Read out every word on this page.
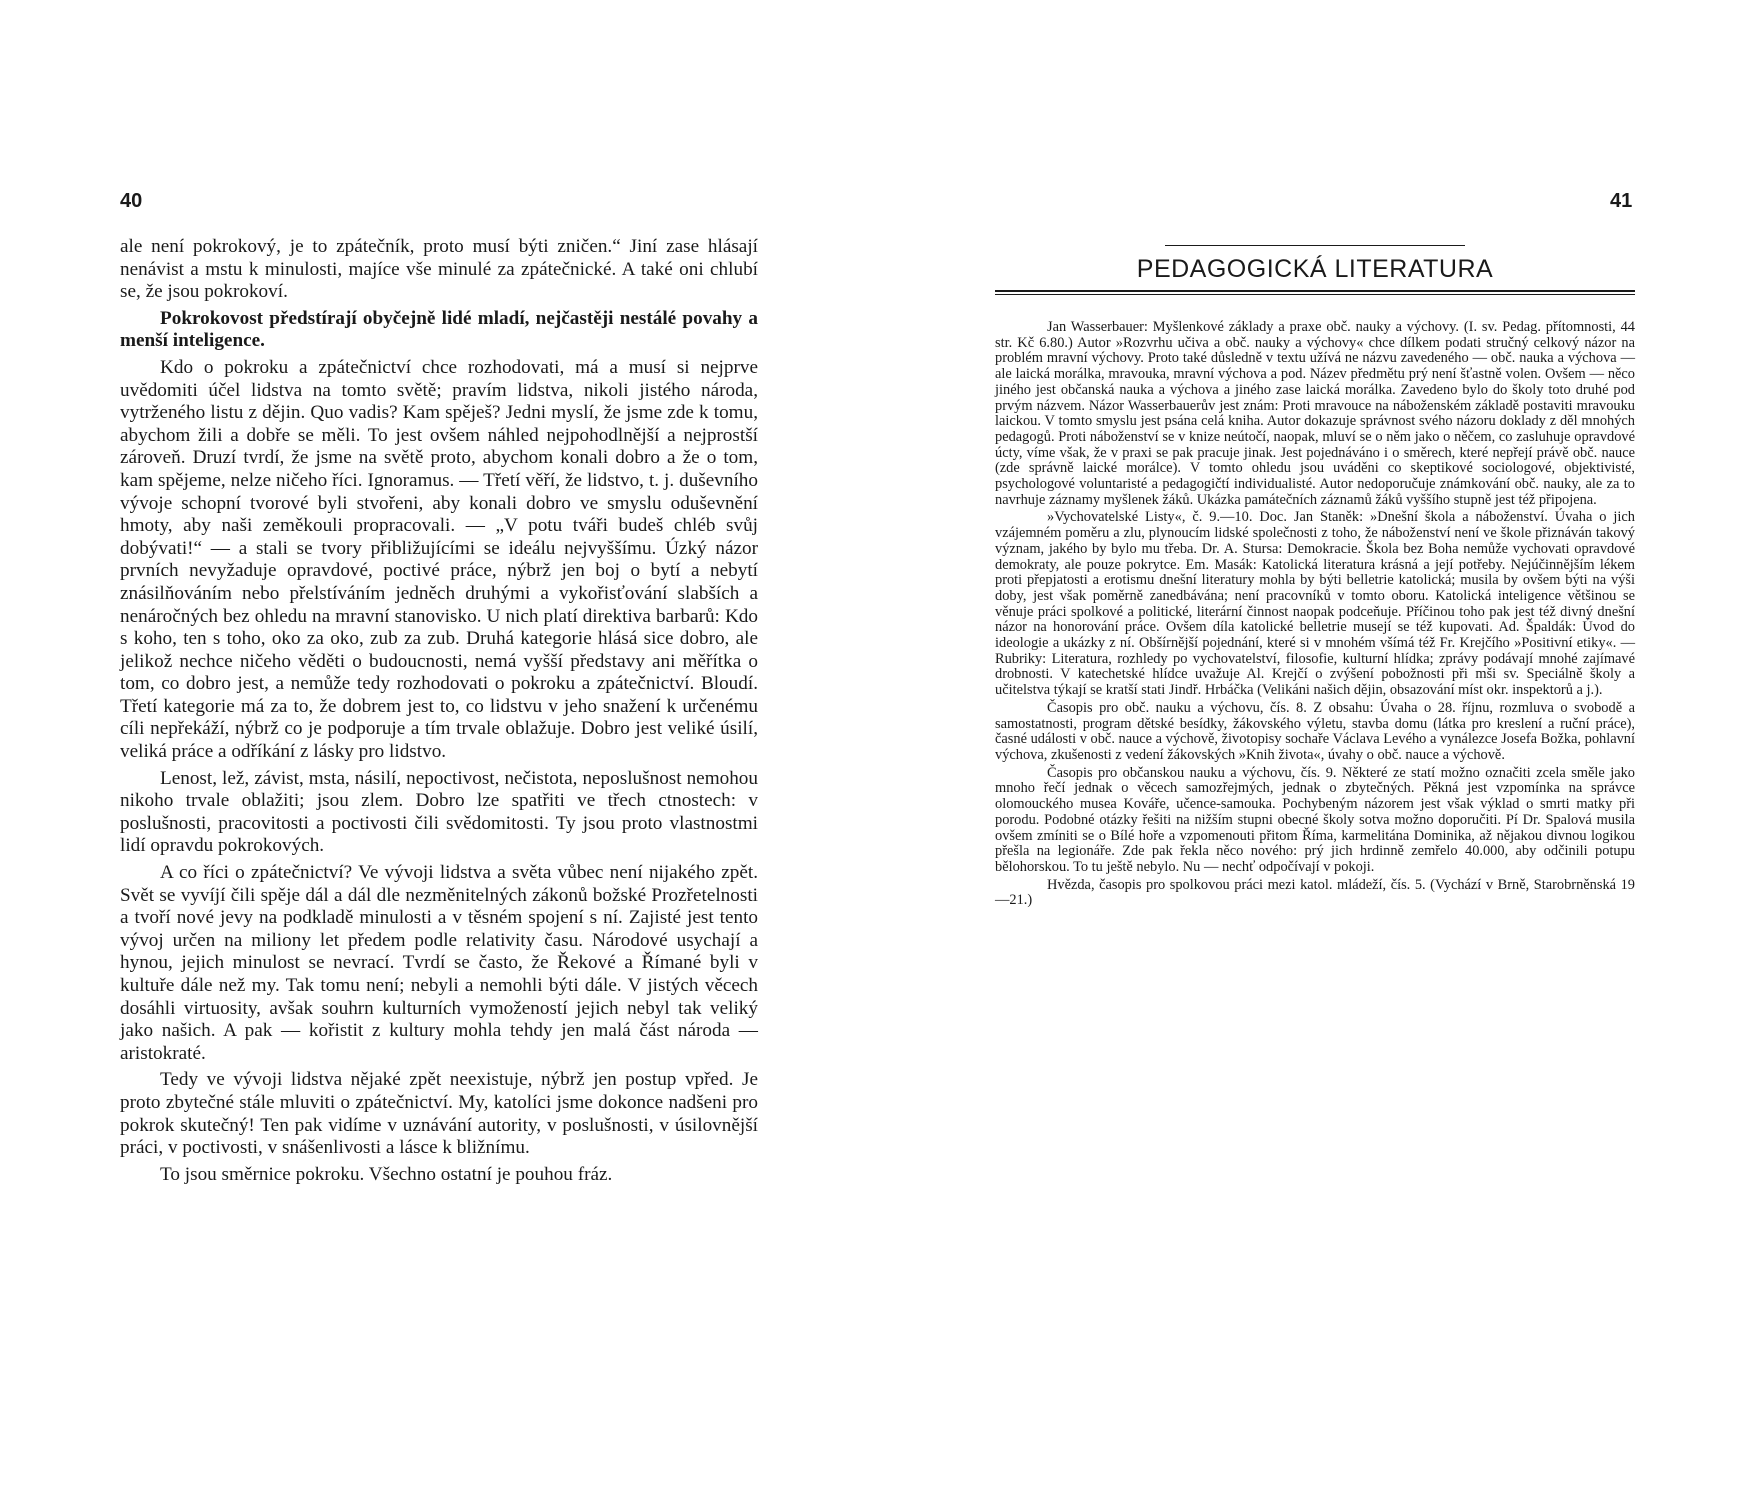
40

ale není pokrokový, je to zpátečník, proto musí býti zničen.“ Jiní zase hlásají nenávist a mstu k minulosti, majíce vše minulé za zpátečnické. A také oni chlubí se, že jsou pokrokoví.

Pokrokovost předstírají obyčejně lidé mladí, nejčastěji nestálé povahy a menší inteligence.

Kdo o pokroku a zpátečnictví chce rozhodovati, má a musí si nejprve uvědomiti účel lidstva na tomto světě; pravím lidstva, nikoli jistého národa, vytrženého listu z dějin. Quo vadis? Kam spěješ? Jedni myslí, že jsme zde k tomu, abychom žili a dobře se měli. To jest ovšem náhled nejpohodlnější a nejprostší zároveň. Druzí tvrdí, že jsme na světě proto, abychom konali dobro a že o tom, kam spějeme, nelze ničeho říci. Ignoramus. — Třetí věří, že lidstvo, t. j. duševního vývoje schopní tvorové byli stvořeni, aby konali dobro ve smyslu oduševnění hmoty, aby naši zeměkouli propracovali. — „V potu tváři budeš chléb svůj dobývati!“ — a stali se tvory přibližujícími se ideálu nejvyššímu. Úzký názor prvních nevyžaduje opravdové, poctivé práce, nýbrž jen boj o bytí a nebytí znásilňováním nebo přelstíváním jedněch druhými a vykořisťování slabších a nenáročných bez ohledu na mravní stanovisko. U nich platí direktiva barbarů: Kdo s koho, ten s toho, oko za oko, zub za zub. Druhá kategorie hlásá sice dobro, ale jelikož nechce ničeho věděti o budoucnosti, nemá vyšší představy ani měřítka o tom, co dobro jest, a nemůže tedy rozhodovati o pokroku a zpátečnictví. Bloudí. Třetí kategorie má za to, že dobrem jest to, co lidstvu v jeho snažení k určenému cíli nepřekáží, nýbrž co je podporuje a tím trvale oblažuje. Dobro jest veliké úsilí, veliká práce a odříkání z lásky pro lidstvo.

Lenost, lež, závist, msta, násilí, nepoctivost, nečistota, neposlušnost nemohou nikoho trvale oblažiti; jsou zlem. Dobro lze spatřiti ve třech ctnostech: v poslušnosti, pracovitosti a poctivosti čili svědomitosti. Ty jsou proto vlastnostmi lidí opravdu pokrokových.

A co říci o zpátečnictví? Ve vývoji lidstva a světa vůbec není nijakého zpět. Svět se vyvíjí čili spěje dál a dál dle nezměnitelných zákonů božské Prozřetelnosti a tvoří nové jevy na podkladě minulosti a v těsném spojení s ní. Zajisté jest tento vývoj určen na miliony let předem podle relativity času. Národové usychají a hynou, jejich minulost se nevrací. Tvrdí se často, že Řekové a Římané byli v kultuře dále než my. Tak tomu není; nebyli a nemohli býti dále. V jistých věcech dosáhli virtuosity, avšak souhrn kulturních vymožeností jejich nebyl tak veliký jako našich. A pak — kořistit z kultury mohla tehdy jen malá část národa — aristokraté.

Tedy ve vývoji lidstva nějaké zpět neexistuje, nýbrž jen postup vpřed. Je proto zbytečné stále mluviti o zpátečnictví. My, katolíci jsme dokonce nadšeni pro pokrok skutečný! Ten pak vidíme v uznávání autority, v poslušnosti, v úsilovnější práci, v poctivosti, v snášenlivosti a lásce k bližnímu.

To jsou směrnice pokroku. Všechno ostatní je pouhou fráz.

41
PEDAGOGICKÁ LITERATURA

Jan Wasserbauer: Myšlenkové základy a praxe obč. nauky a výchovy. (I. sv. Pedag. přítomnosti, 44 str. Kč 6.80.) Autor »Rozvrhu učiva a obč. nauky a výchovy« chce dílkem podati stručný celkový názor na problém mravní výchovy. Proto také důsledně v textu užívá ne názvu zavedeného — obč. nauka a výchova — ale laická morálka, mravouka, mravní výchova a pod. Název předmětu prý není šťastně volen. Ovšem — něco jiného jest občanská nauka a výchova a jiného zase laická morálka. Zavedeno bylo do školy toto druhé pod prvým názvem. Názor Wasserbauerův jest znám: Proti mravouce na náboženském základě postaviti mravouku laickou. V tomto smyslu jest psána celá kniha. Autor dokazuje správnost svého názoru doklady z děl mnohých pedagogů. Proti náboženství se v knize neútočí, naopak, mluví se o něm jako o něčem, co zasluhuje opravdové úcty, víme však, že v praxi se pak pracuje jinak. Jest pojednáváno i o směrech, které nepřejí právě obč. nauce (zde správně laické morálce). V tomto ohledu jsou uváděni co skeptikové sociologové, objektivisté, psychologové voluntaristé a pedagogičtí individualisté. Autor nedoporučuje známkování obč. nauky, ale za to navrhuje záznamy myšlenek žáků. Ukázka památečních záznamů žáků vyššího stupně jest též připojena.

»Vychovatelské Listy«, č. 9.—10. Doc. Jan Staněk: »Dnešní škola a náboženství. Úvaha o jich vzájemném poměru a zlu, plynoucím lidské společnosti z toho, že náboženství není ve škole přiznáván takový význam, jakého by bylo mu třeba. Dr. A. Stursa: Demokracie. Škola bez Boha nemůže vychovati opravdové demokraty, ale pouze pokrytce. Em. Masák: Katolická literatura krásná a její potřeby. Nejúčinnějším lékem proti přepjatosti a erotismu dnešní literatury mohla by býti belletrie katolická; musila by ovšem býti na výši doby, jest však poměrně zanedbávána; není pracovníků v tomto oboru. Katolická inteligence většinou se věnuje práci spolkové a politické, literární činnost naopak podceňuje. Příčinou toho pak jest též divný dnešní názor na honorování práce. Ovšem díla katolické belletrie musejí se též kupovati. Ad. Špaldák: Úvod do ideologie a ukázky z ní. Obšírnější pojednání, které si v mnohém všímá též Fr. Krejčího »Positivní etiky«. — Rubriky: Literatura, rozhledy po vychovatelství, filosofie, kulturní hlídka; zprávy podávají mnohé zajímavé drobnosti. V katechetské hlídce uvažuje Al. Krejčí o zvýšení pobožnosti při mši sv. Speciálně školy a učitelstva týkají se kratší stati Jindř. Hrbáčka (Velikáni našich dějin, obsazování míst okr. inspektorů a j.).

Časopis pro obč. nauku a výchovu, čís. 8. Z obsahu: Úvaha o 28. říjnu, rozmluva o svobodě a samostatnosti, program dětské besídky, žákovského výletu, stavba domu (látka pro kreslení a ruční práce), časné události v obč. nauce a výchově, životopisy sochaře Václava Levého a vynálezce Josefa Božka, pohlavní výchova, zkušenosti z vedení žákovských »Knih života«, úvahy o obč. nauce a výchově.

Časopis pro občanskou nauku a výchovu, čís. 9. Některé ze statí možno označiti zcela směle jako mnoho řečí jednak o věcech samozřejmých, jednak o zbytečných. Pěkná jest vzpomínka na správce olomouckého musea Kováře, učence-samouka. Pochybeným názorem jest však výklad o smrti matky při porodu. Podobné otázky řešiti na nižším stupni obecné školy sotva možno doporučiti. Pí Dr. Spalová musila ovšem zmíniti se o Bílé hoře a vzpomenouti přitom Říma, karmelitána Dominika, až nějakou divnou logikou přešla na legionáře. Zde pak řekla něco nového: prý jich hrdinně zemřelo 40.000, aby odčinili potupu bělohorskou. To tu ještě nebylo. Nu — nechť odpočívají v pokoji.

Hvězda, časopis pro spolkovou práci mezi katol. mládeží, čís. 5. (Vychází v Brně, Starobrněnská 19—21.)
